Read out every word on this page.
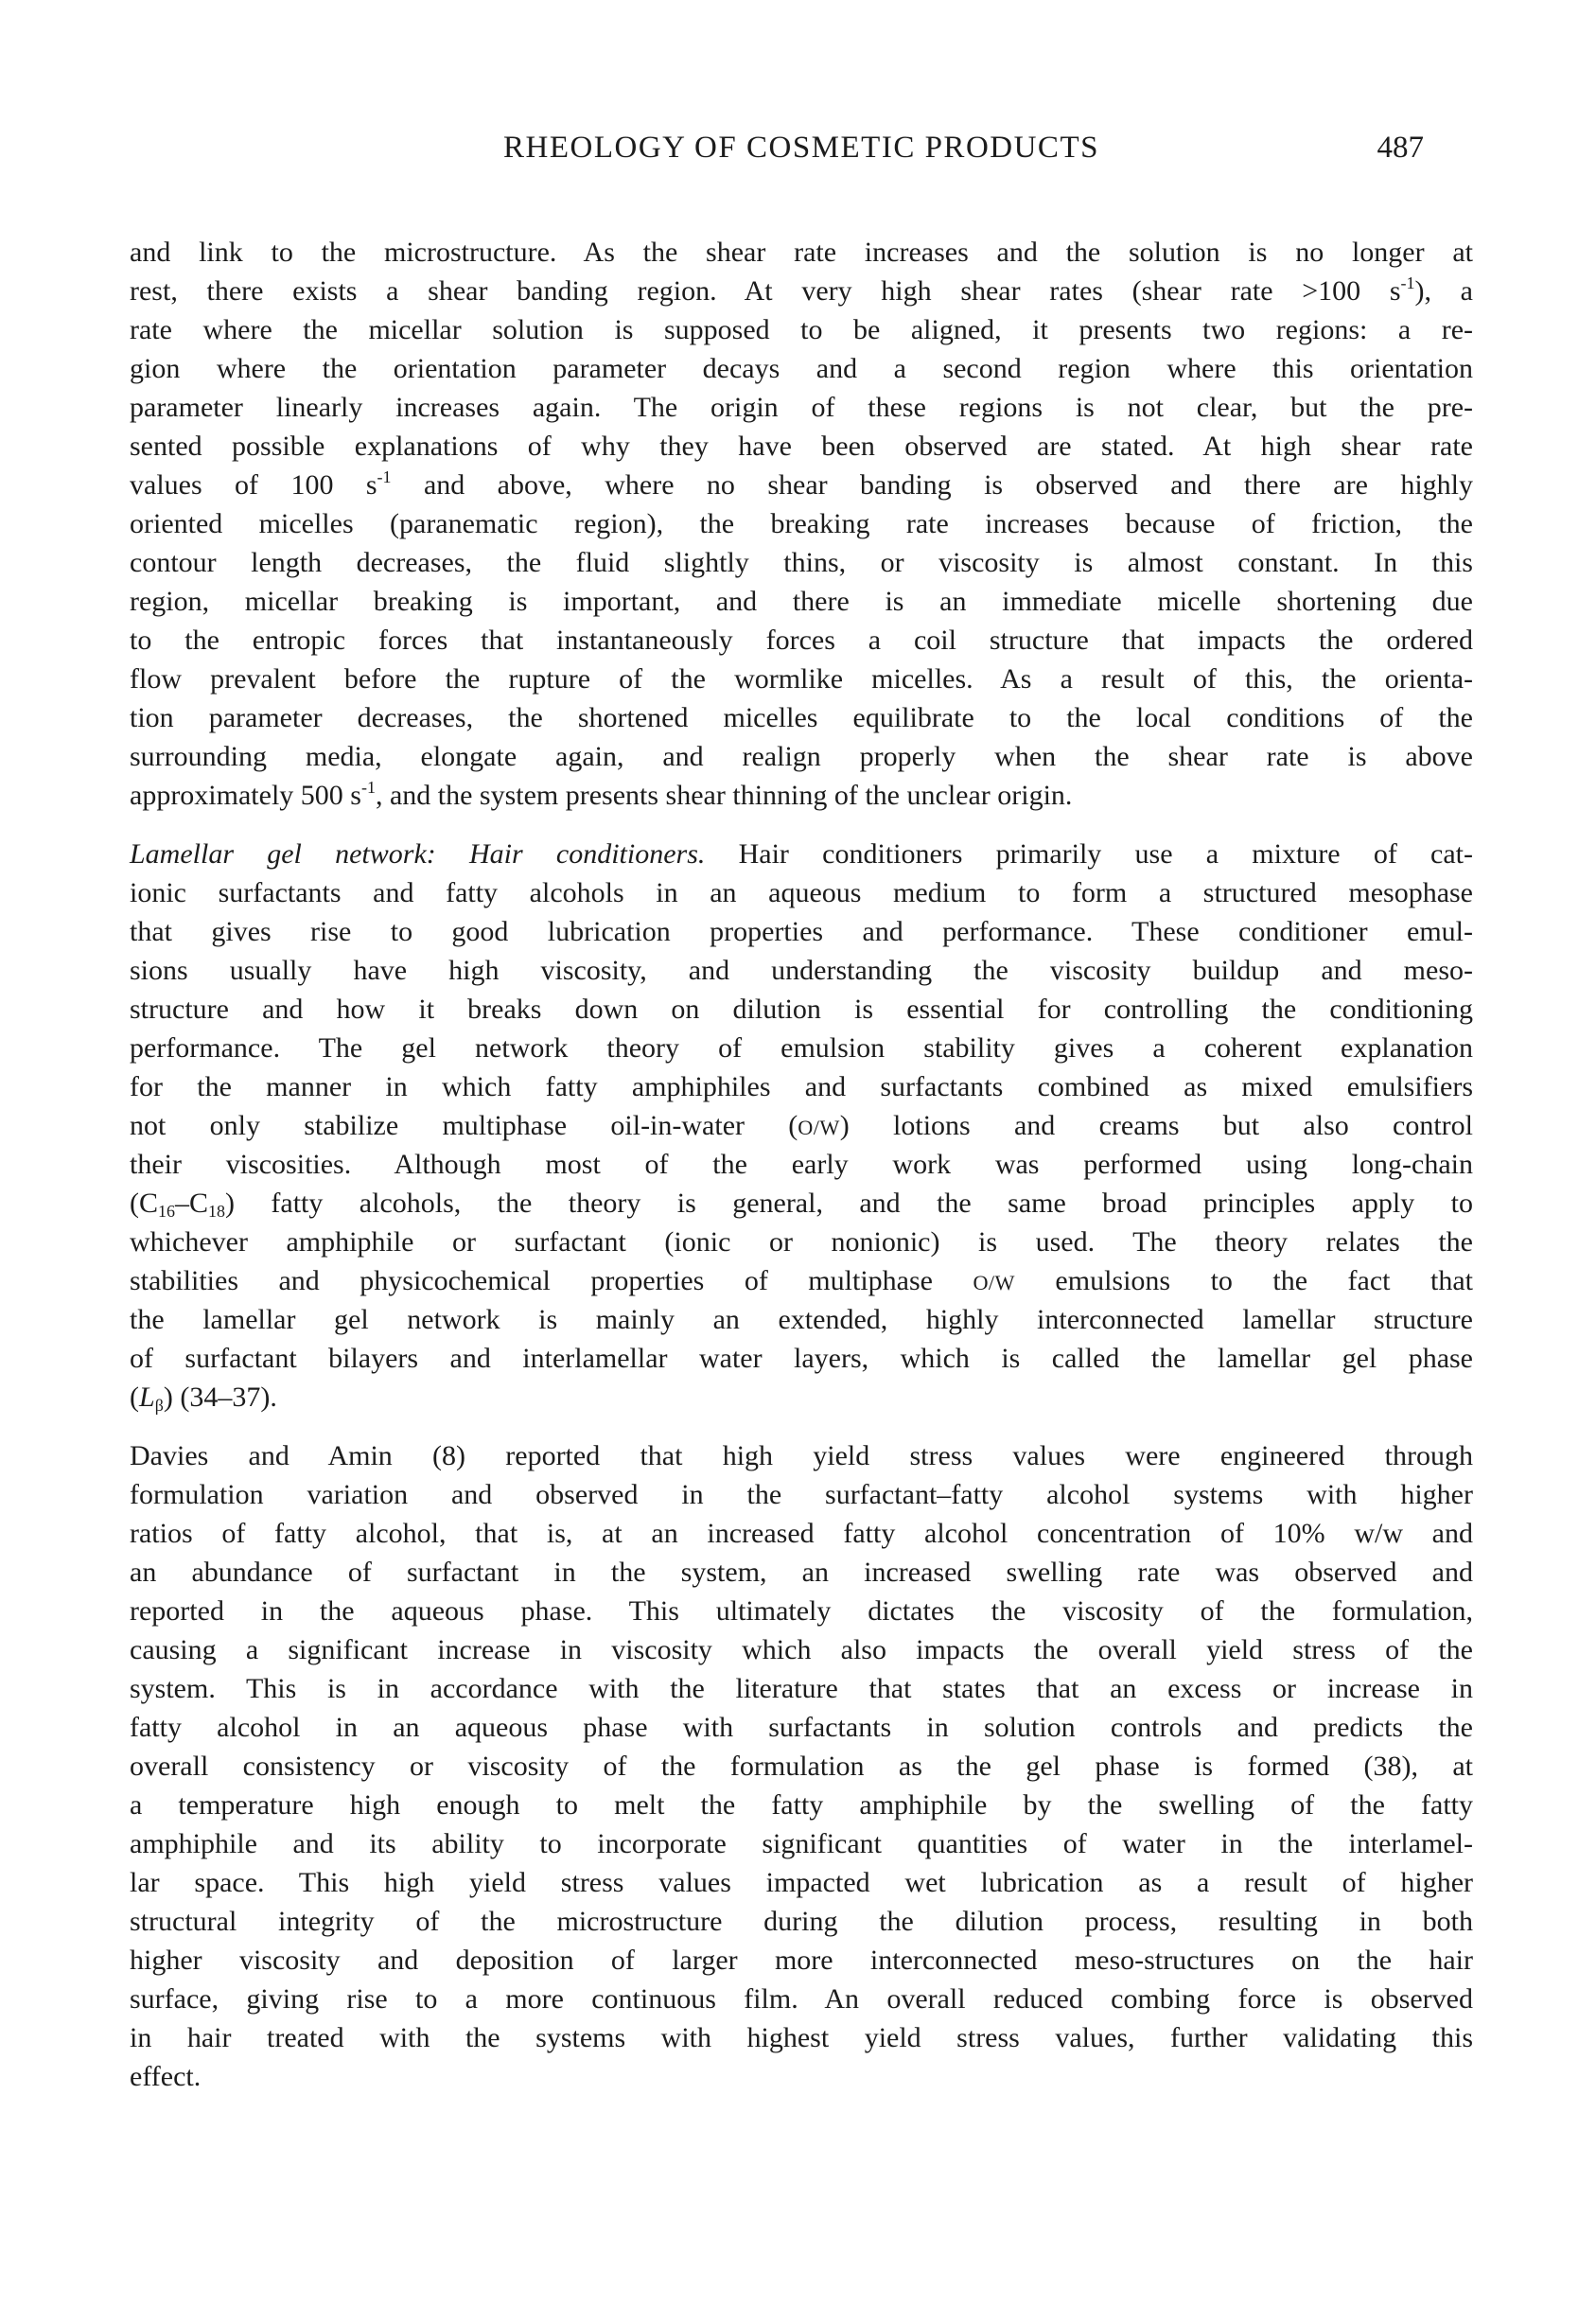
RHEOLOGY OF COSMETIC PRODUCTS	487
and link to the microstructure. As the shear rate increases and the solution is no longer at
rest, there exists a shear banding region. At very high shear rates (shear rate >100 $s^{-1}$), a
rate where the micellar solution is supposed to be aligned, it presents two regions: a re-
gion where the orientation parameter decays and a second region where this orientation
parameter linearly increases again. The origin of these regions is not clear, but the pre-
sented possible explanations of why they have been observed are stated. At high shear rate
values of 100 $s^{-1}$ and above, where no shear banding is observed and there are highly
oriented micelles (paranematic region), the breaking rate increases because of friction, the
contour length decreases, the fluid slightly thins, or viscosity is almost constant. In this
region, micellar breaking is important, and there is an immediate micelle shortening due
to the entropic forces that instantaneously forces a coil structure that impacts the ordered
flow prevalent before the rupture of the wormlike micelles. As a result of this, the orienta-
tion parameter decreases, the shortened micelles equilibrate to the local conditions of the
surrounding media, elongate again, and realign properly when the shear rate is above
approximately 500 $s^{-1}$, and the system presents shear thinning of the unclear origin.
Lamellar gel network: Hair conditioners. Hair conditioners primarily use a mixture of cat-
ionic surfactants and fatty alcohols in an aqueous medium to form a structured mesophase
that gives rise to good lubrication properties and performance. These conditioner emul-
sions usually have high viscosity, and understanding the viscosity buildup and meso-
structure and how it breaks down on dilution is essential for controlling the conditioning
performance. The gel network theory of emulsion stability gives a coherent explanation
for the manner in which fatty amphiphiles and surfactants combined as mixed emulsifiers
not only stabilize multiphase oil-in-water (O/W) lotions and creams but also control
their viscosities. Although most of the early work was performed using long-chain
$(C_{16}-C_{18})$ fatty alcohols, the theory is general, and the same broad principles apply to
whichever amphiphile or surfactant (ionic or nonionic) is used. The theory relates the
stabilities and physicochemical properties of multiphase O/W emulsions to the fact that
the lamellar gel network is mainly an extended, highly interconnected lamellar structure
of surfactant bilayers and interlamellar water layers, which is called the lamellar gel phase
$(L_\beta)$ (34–37).
Davies and Amin (8) reported that high yield stress values were engineered through
formulation variation and observed in the surfactant–fatty alcohol systems with higher
ratios of fatty alcohol, that is, at an increased fatty alcohol concentration of 10% w/w and
an abundance of surfactant in the system, an increased swelling rate was observed and
reported in the aqueous phase. This ultimately dictates the viscosity of the formulation,
causing a significant increase in viscosity which also impacts the overall yield stress of the
system. This is in accordance with the literature that states that an excess or increase in
fatty alcohol in an aqueous phase with surfactants in solution controls and predicts the
overall consistency or viscosity of the formulation as the gel phase is formed (38), at
a temperature high enough to melt the fatty amphiphile by the swelling of the fatty
amphiphile and its ability to incorporate significant quantities of water in the interlamel-
lar space. This high yield stress values impacted wet lubrication as a result of higher
structural integrity of the microstructure during the dilution process, resulting in both
higher viscosity and deposition of larger more interconnected meso-structures on the hair
surface, giving rise to a more continuous film. An overall reduced combing force is observed
in hair treated with the systems with highest yield stress values, further validating this
effect.
